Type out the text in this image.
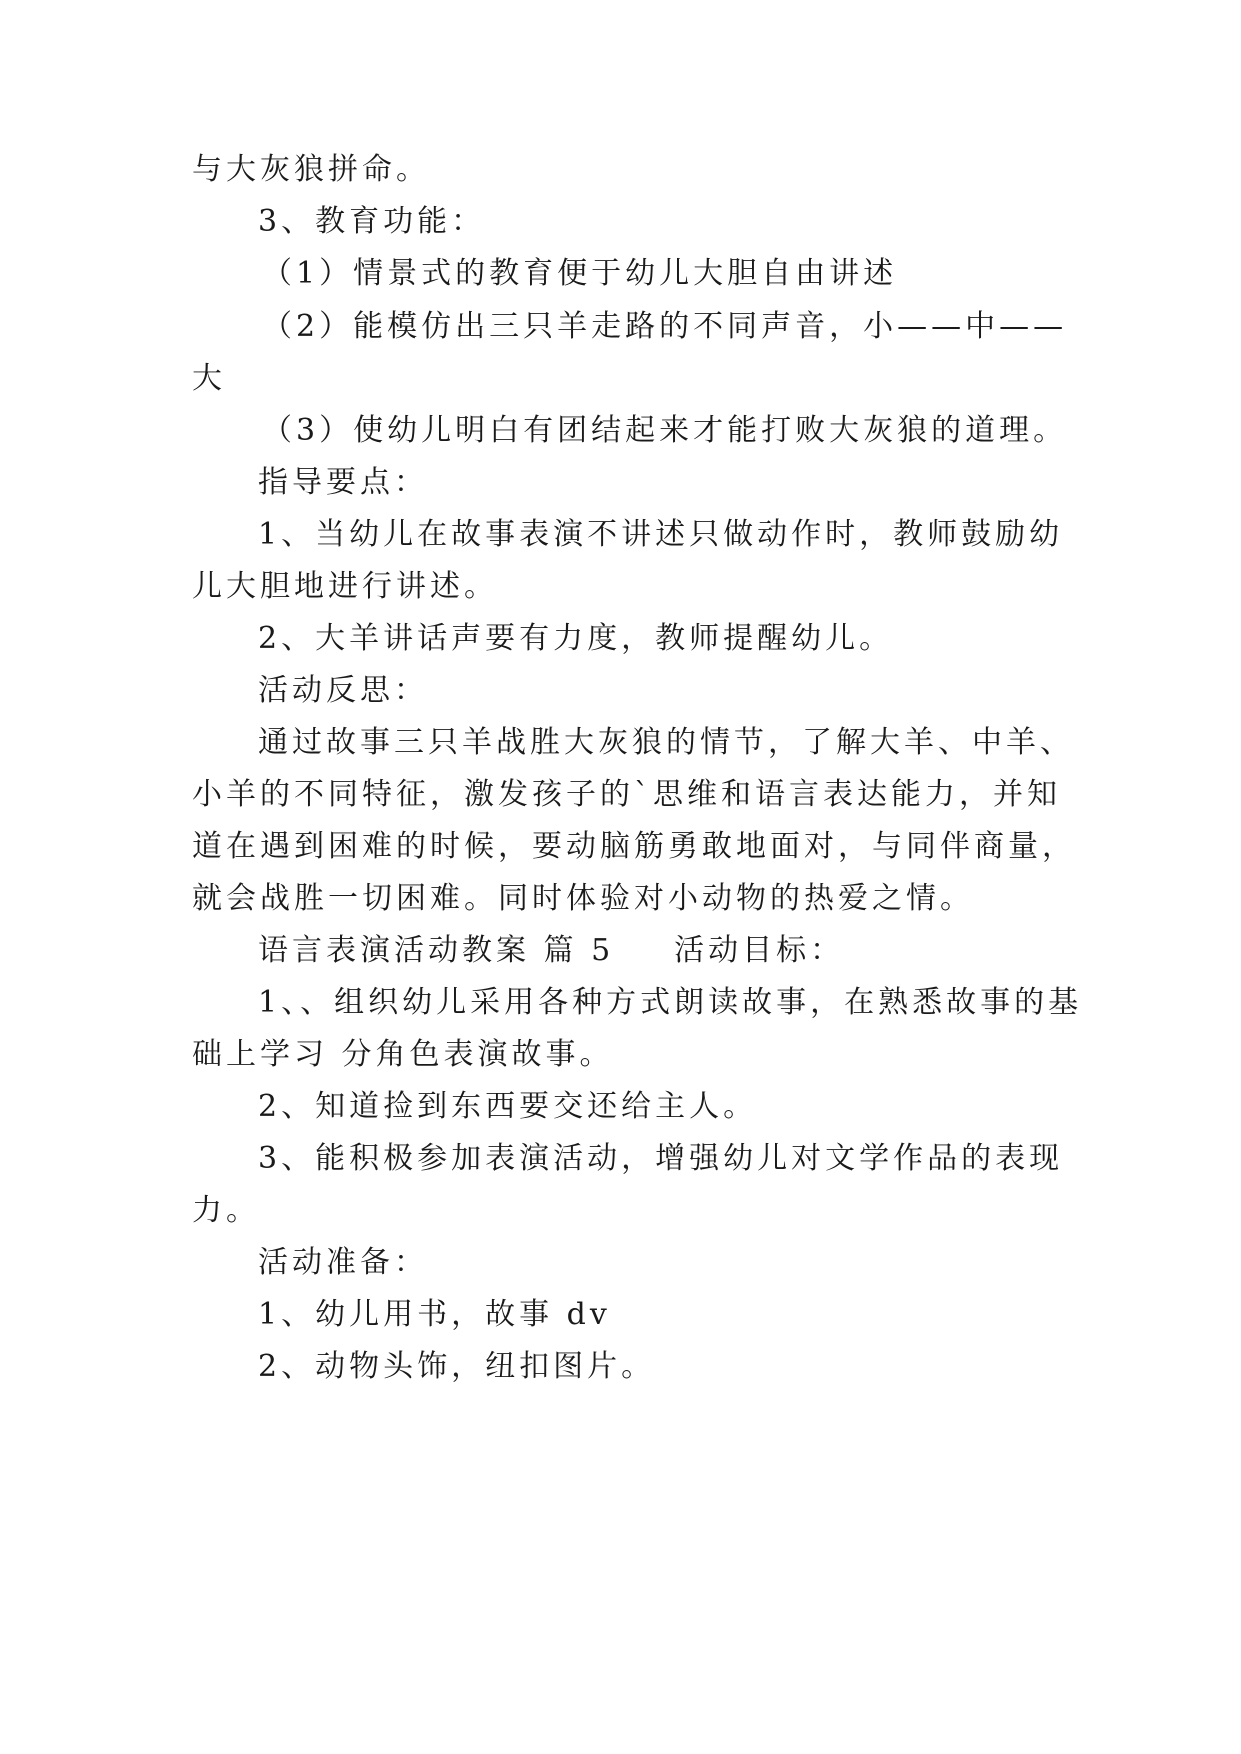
与大灰狼拼命。
3、教育功能：
（1）情景式的教育便于幼儿大胆自由讲述
（2）能模仿出三只羊走路的不同声音，小——中——
大
（3）使幼儿明白有团结起来才能打败大灰狼的道理。
指导要点：
1、当幼儿在故事表演不讲述只做动作时，教师鼓励幼
儿大胆地进行讲述。
2、大羊讲话声要有力度，教师提醒幼儿。
活动反思：
通过故事三只羊战胜大灰狼的情节，了解大羊、中羊、
小羊的不同特征，激发孩子的`思维和语言表达能力，并知
道在遇到困难的时候，要动脑筋勇敢地面对，与同伴商量，
就会战胜一切困难。同时体验对小动物的热爱之情。
语言表演活动教案 篇 5 活动目标：
1、、组织幼儿采用各种方式朗读故事，在熟悉故事的基
础上学习 分角色表演故事。
2、知道捡到东西要交还给主人。
3、能积极参加表演活动，增强幼儿对文学作品的表现
力。
活动准备：
1、幼儿用书，故事 dv
2、动物头饰，纽扣图片。
